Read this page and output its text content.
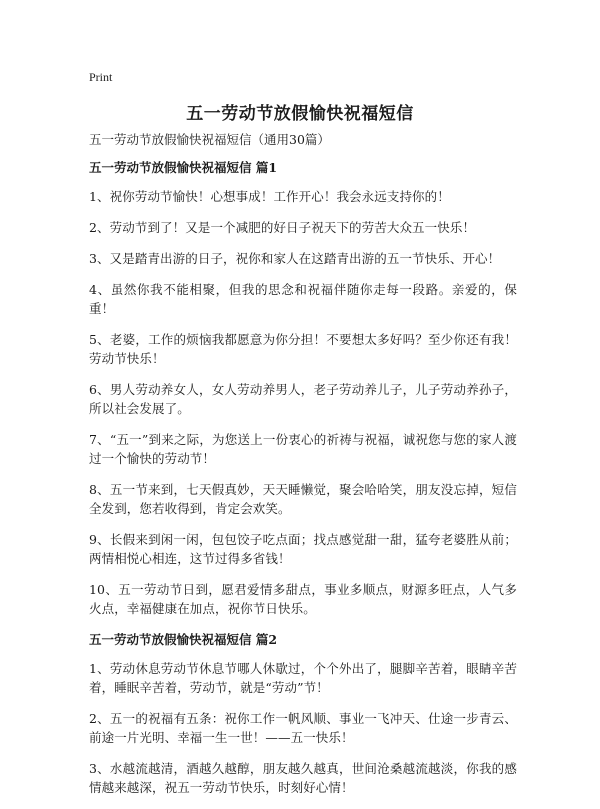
Print
五一劳动节放假愉快祝福短信

五一劳动节放假愉快祝福短信（通用30篇）

五一劳动节放假愉快祝福短信 篇1

1、祝你劳动节愉快！心想事成！工作开心！我会永远支持你的！
2、劳动节到了！又是一个减肥的好日子祝天下的劳苦大众五一快乐！
3、又是踏青出游的日子，祝你和家人在这踏青出游的五一节快乐、开心！
4、虽然你我不能相聚，但我的思念和祝福伴随你走每一段路。亲爱的，保重！
5、老婆，工作的烦恼我都愿意为你分担！不要想太多好吗？至少你还有我！劳动节快乐！
6、男人劳动养女人，女人劳动养男人，老子劳动养儿子，儿子劳动养孙子，所以社会发展了。
7、“五一”到来之际，为您送上一份衷心的祈祷与祝福，诚祝您与您的家人渡过一个愉快的劳动节！
8、五一节来到，七天假真妙，天天睡懒觉，聚会哈哈笑，朋友没忘掉，短信全发到，您若收得到，肯定会欢笑。
9、长假来到闲一闲，包包饺子吃点面；找点感觉甜一甜，猛夸老婆胜从前；两情相悦心相连，这节过得多省钱！
10、五一劳动节日到，愿君爱情多甜点，事业多顺点，财源多旺点，人气多火点，幸福健康在加点，祝你节日快乐。

五一劳动节放假愉快祝福短信 篇2

1、劳动休息劳动节休息节哪人休歇过，个个外出了，腿脚辛苦着，眼睛辛苦着，睡眠辛苦着，劳动节，就是“劳动”节！
2、五一的祝福有五条：祝你工作一帆风顺、事业一飞冲天、仕途一步青云、前途一片光明、幸福一生一世！——五一快乐！
3、水越流越清，酒越久越醇，朋友越久越真，世间沧桑越流越淡，你我的感情越来越深，祝五一劳动节快乐，时刻好心情！
